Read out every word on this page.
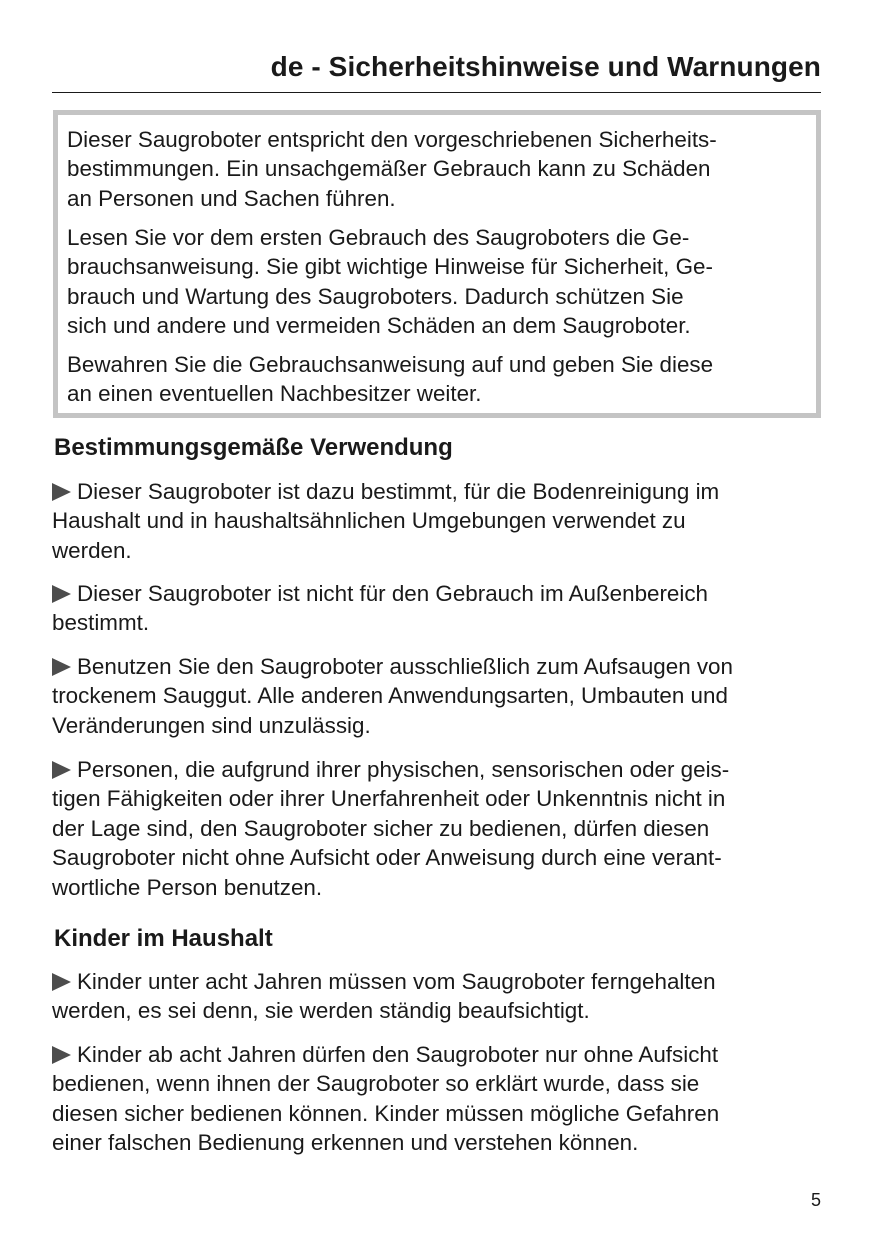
de - Sicherheitshinweise und Warnungen

Dieser Saugroboter entspricht den vorgeschriebenen Sicherheits-
bestimmungen. Ein unsachgemäßer Gebrauch kann zu Schäden
an Personen und Sachen führen.

Lesen Sie vor dem ersten Gebrauch des Saugroboters die Ge-
brauchsanweisung. Sie gibt wichtige Hinweise für Sicherheit, Ge-
brauch und Wartung des Saugroboters. Dadurch schützen Sie
sich und andere und vermeiden Schäden an dem Saugroboter.

Bewahren Sie die Gebrauchsanweisung auf und geben Sie diese
an einen eventuellen Nachbesitzer weiter.

Bestimmungsgemäße Verwendung

Dieser Saugroboter ist dazu bestimmt, für die Bodenreinigung im
Haushalt und in haushaltsähnlichen Umgebungen verwendet zu
werden.

Dieser Saugroboter ist nicht für den Gebrauch im Außenbereich
bestimmt.

Benutzen Sie den Saugroboter ausschließlich zum Aufsaugen von
trockenem Sauggut. Alle anderen Anwendungsarten, Umbauten und
Veränderungen sind unzulässig.

Personen, die aufgrund ihrer physischen, sensorischen oder geis-
tigen Fähigkeiten oder ihrer Unerfahrenheit oder Unkenntnis nicht in
der Lage sind, den Saugroboter sicher zu bedienen, dürfen diesen
Saugroboter nicht ohne Aufsicht oder Anweisung durch eine verant-
wortliche Person benutzen.

Kinder im Haushalt

Kinder unter acht Jahren müssen vom Saugroboter ferngehalten
werden, es sei denn, sie werden ständig beaufsichtigt.

Kinder ab acht Jahren dürfen den Saugroboter nur ohne Aufsicht
bedienen, wenn ihnen der Saugroboter so erklärt wurde, dass sie
diesen sicher bedienen können. Kinder müssen mögliche Gefahren
einer falschen Bedienung erkennen und verstehen können.

5
